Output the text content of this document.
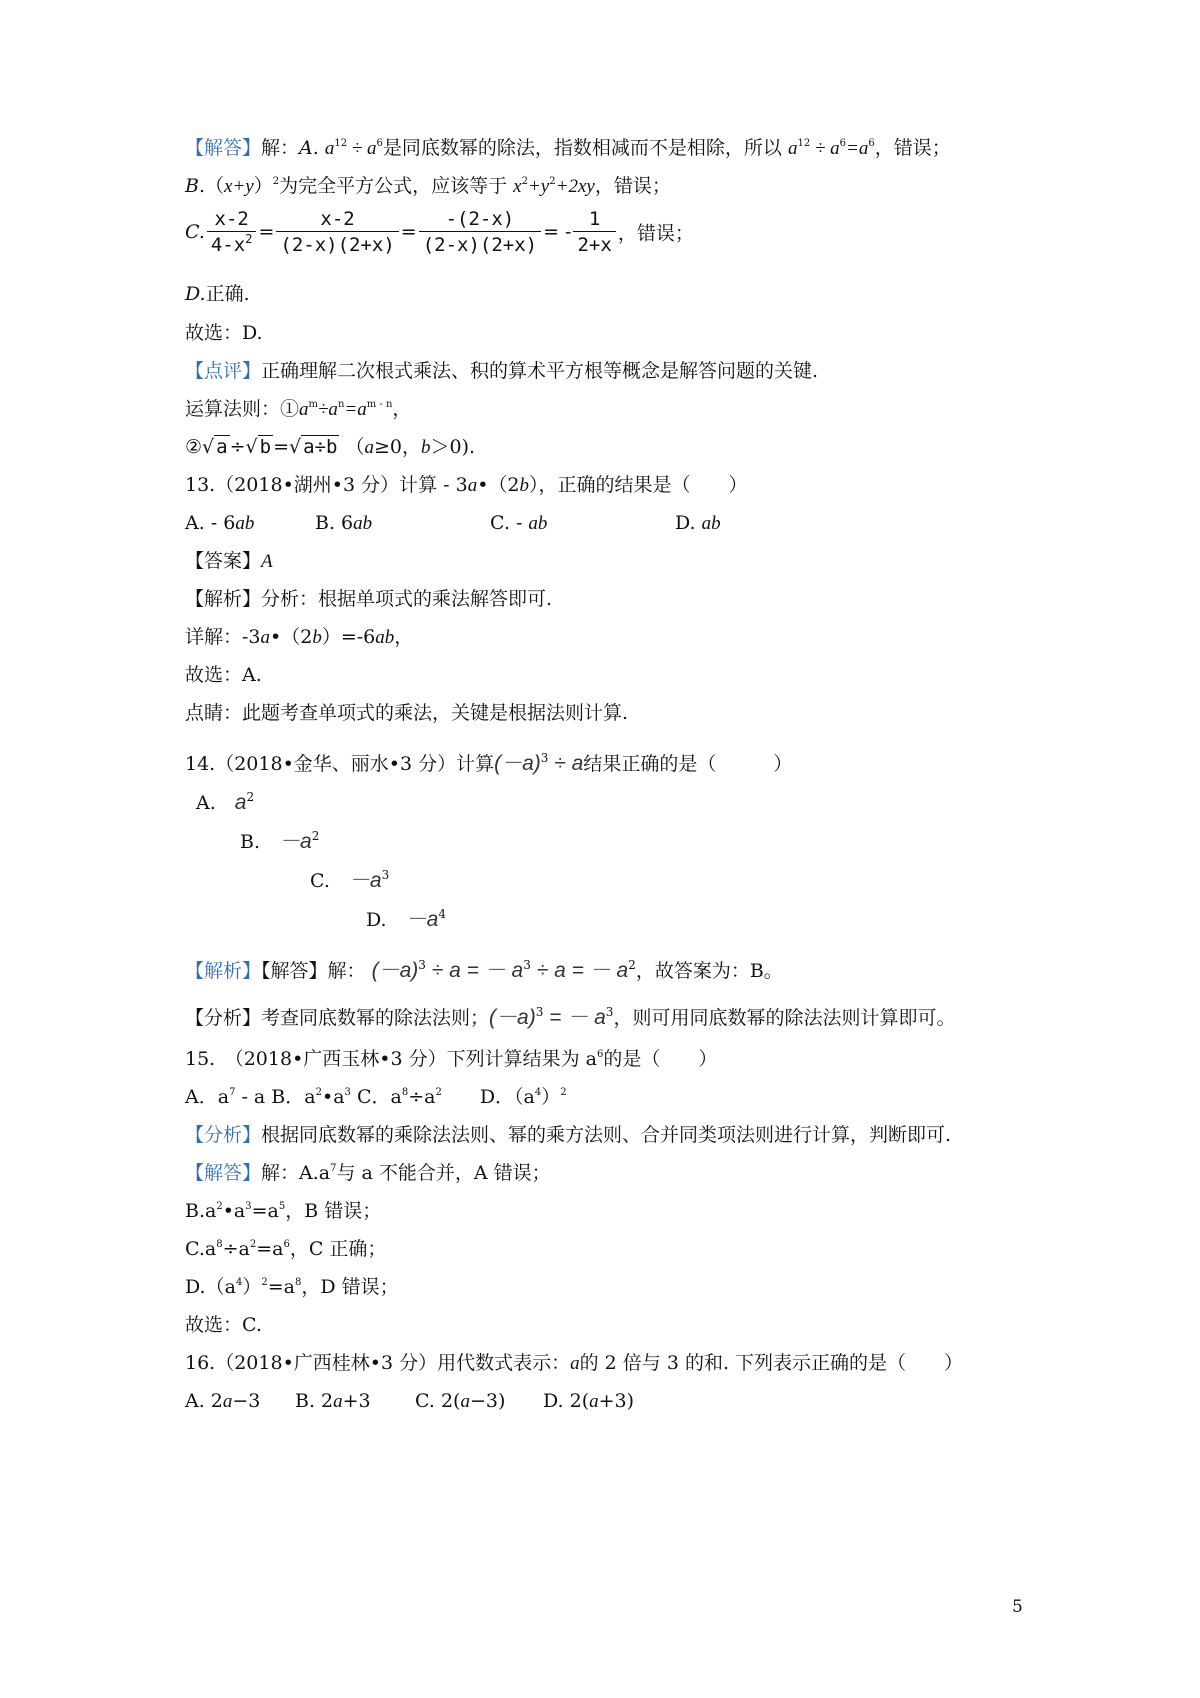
【解答】解：A. $a^{12} \div a^6$是同底数幂的除法，指数相减而不是相除，所以 $a^{12} \div a^6=a^6$，错误；
$B.(x+y)^2$为完全平方公式，应该等于 $x^2+y^2+2xy$，错误；
C. $\frac{x-2}{4-x^2} = \frac{x-2}{(2-x)(2+x)} = \frac{-(2-x)}{(2-x)(2+x)}$ = - $\frac{1}{2+x}$ ，错误；
D.正确.
故选：D.
【点评】正确理解二次根式乘法、积的算术平方根等概念是解答问题的关键.
运算法则：$①a^m\div a^n=a^{m - n}$，
②√ a ÷√ b =√ a÷b （a≥0，b＞0).
13.（2018•湖州•3 分）计算 - 3a•（2b），正确的结果是（　　）
A. - 6ab	B. 6ab	C. - ab	D. ab
【答案】A
【解析】分析：根据单项式的乘法解答即可.
详解：-3a•（2b）=-6ab，
故选：A.
点睛：此题考查单项式的乘法，关键是根据法则计算.
14.（2018•金华、丽水•3 分）计算$(-a)^3 \div a$结果正确的是（　　　）
A.　 $a^2$
B.　 $-a^2$
C.　 $-a^3$
D.　 $-a^4$
【解析】【解答】解： $(-a)^3 \div a$ = － $a^3 \div a$ = － $a^2$，故答案为：B。
【分析】考查同底数幂的除法法则；$(-a)^3$ = － $a^3$，则可用同底数幂的除法法则计算即可。
15.　（2018•广西玉林•3 分）下列计算结果为 $a^6$的是（　　）
A．$a^7$ - a B．$a^2•a^3$ C．$a^8\div a^2$　　D．$(a^4)^2$
【分析】根据同底数幂的乘除法法则、幂的乘方法则、合并同类项法则进行计算，判断即可.
【解答】解：$A.a^7$与 a 不能合并，A 错误；
$B.a^2•a^3=a^5$，B 错误；
$C.a^8\div a^2=a^6$，C 正确；
$D.(a^4)^2=a^8$，D 错误；
故选：C.
16.（2018•广西桂林•3 分）用代数式表示：a的 2 倍与 3 的和. 下列表示正确的是（　　）
A. 2a−3 B. 2a+3 C. 2(a−3) D. 2(a+3)
5
